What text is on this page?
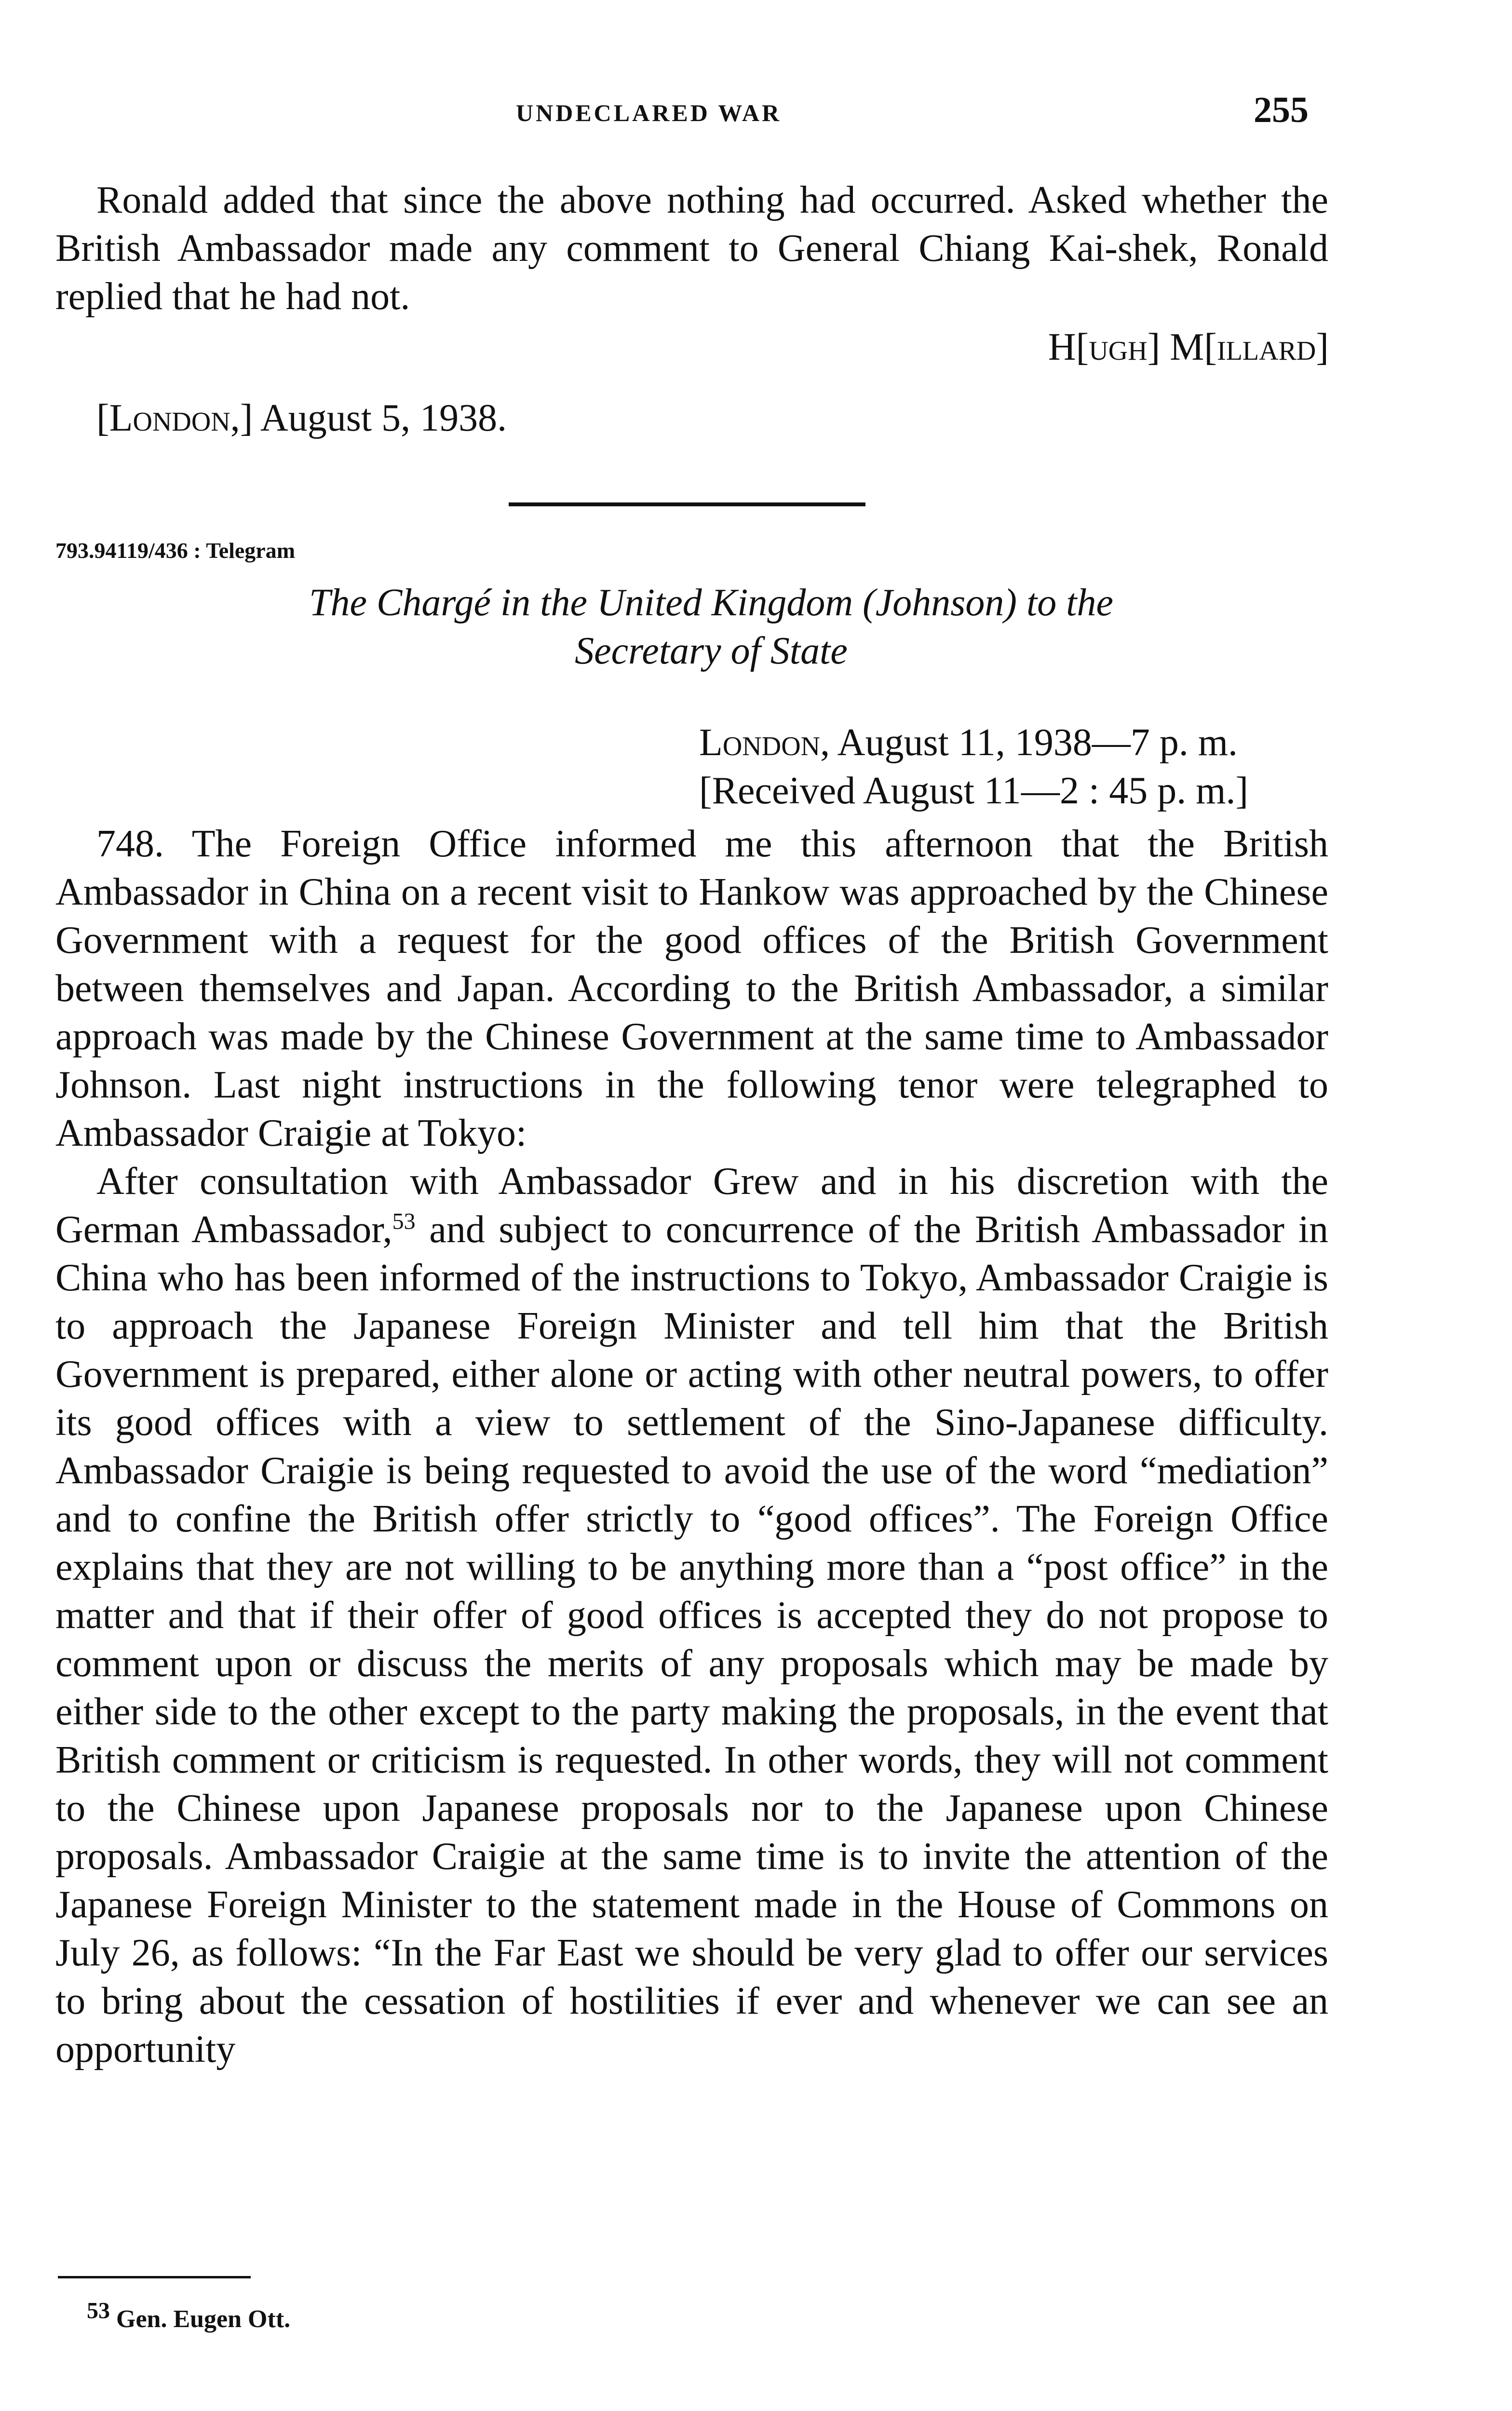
UNDECLARED WAR	255

Ronald added that since the above nothing had occurred. Asked whether the British Ambassador made any comment to General Chiang Kai-shek, Ronald replied that he had not.

H[ugh] M[illard]
[London,] August 5, 1938.
793.94119/436 : Telegram
The Chargé in the United Kingdom (Johnson) to the
Secretary of State
London, August 11, 1938—7 p. m.
[Received August 11—2 : 45 p. m.]

748. The Foreign Office informed me this afternoon that the British Ambassador in China on a recent visit to Hankow was approached by the Chinese Government with a request for the good offices of the British Government between themselves and Japan. According to the British Ambassador, a similar approach was made by the Chinese Government at the same time to Ambassador Johnson. Last night instructions in the following tenor were telegraphed to Ambassador Craigie at Tokyo:

After consultation with Ambassador Grew and in his discretion with the German Ambassador,$^{53}$ and subject to concurrence of the British Ambassador in China who has been informed of the instructions to Tokyo, Ambassador Craigie is to approach the Japanese Foreign Minister and tell him that the British Government is prepared, either alone or acting with other neutral powers, to offer its good offices with a view to settlement of the Sino-Japanese difficulty. Ambassador Craigie is being requested to avoid the use of the word “mediation” and to confine the British offer strictly to “good offices”. The Foreign Office explains that they are not willing to be anything more than a “post office” in the matter and that if their offer of good offices is accepted they do not propose to comment upon or discuss the merits of any proposals which may be made by either side to the other except to the party making the proposals, in the event that British comment or criticism is requested. In other words, they will not comment to the Chinese upon Japanese proposals nor to the Japanese upon Chinese proposals. Ambassador Craigie at the same time is to invite the attention of the Japanese Foreign Minister to the statement made in the House of Commons on July 26, as follows: “In the Far East we should be very glad to offer our services to bring about the cessation of hostilities if ever and whenever we can see an opportunity

$^{53}$ Gen. Eugen Ott.
